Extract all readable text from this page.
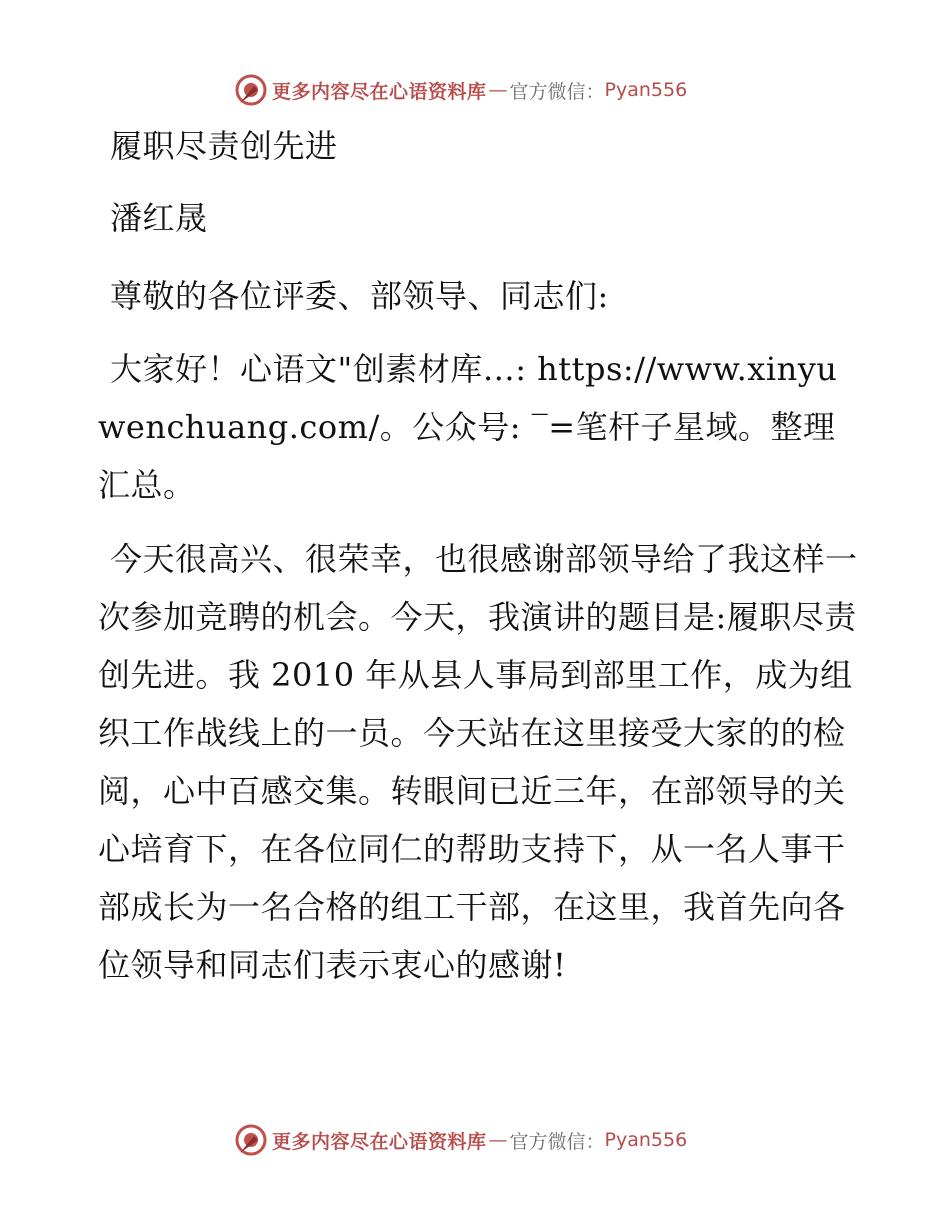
更多内容尽在心语资料库 — 官方微信： Pyan556
履职尽责创先进
潘红晟
尊敬的各位评委、部领导、同志们:
大家好！心语文"创素材库…: https://www.xinyuwenchuang.com/。公众号: ‾=笔杆子星域。整理汇总。
今天很高兴、很荣幸，也很感谢部领导给了我这样一次参加竞聘的机会。今天，我演讲的题目是:履职尽责创先进。我 2010 年从县人事局到部里工作，成为组织工作战线上的一员。今天站在这里接受大家的的检阅，心中百感交集。转眼间已近三年，在部领导的关心培育下，在各位同仁的帮助支持下，从一名人事干部成长为一名合格的组工干部，在这里，我首先向各位领导和同志们表示衷心的感谢!
更多内容尽在心语资料库 — 官方微信： Pyan556
